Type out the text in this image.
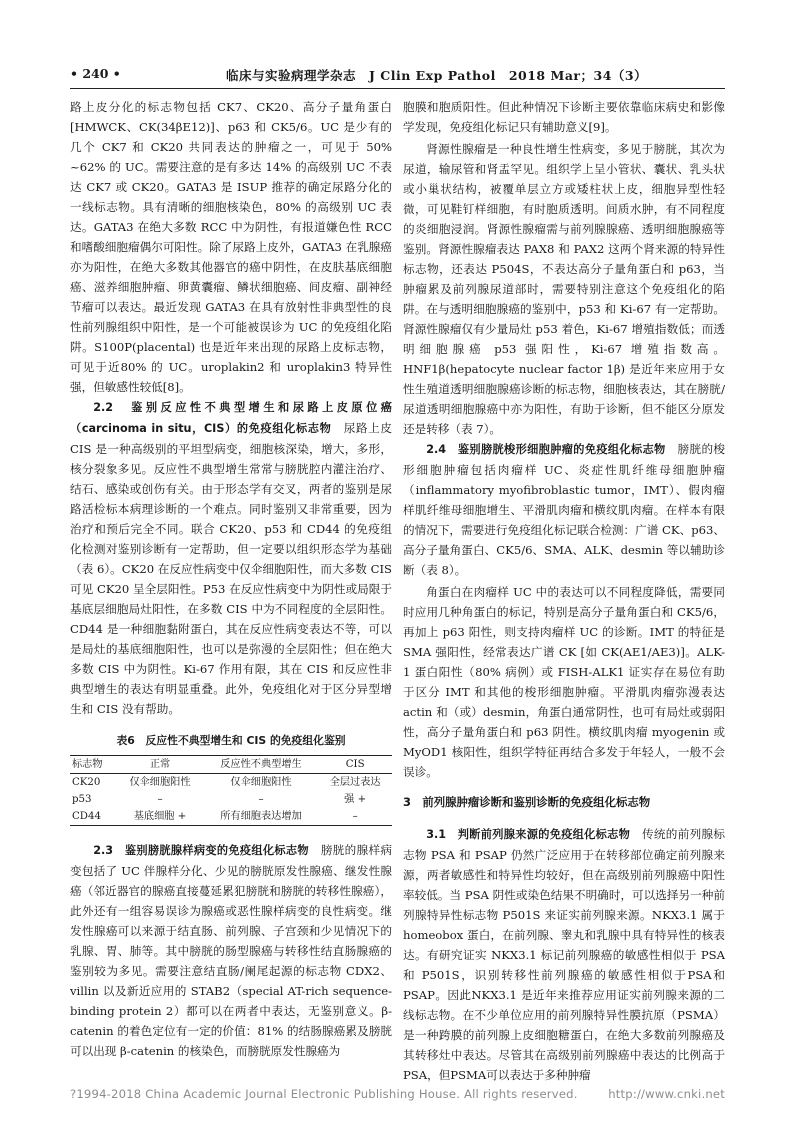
• 240 •	临床与实验病理学杂志　J Clin Exp Pathol　2018 Mar；34（3）

路上皮分化的标志物包括 CK7、CK20、高分子量角蛋白 [HMWCK、CK(34βE12)]、p63 和 CK5/6。UC 是少有的几个 CK7 和 CK20 共同表达的肿瘤之一，可见于 50% ~62% 的 UC。需要注意的是有多达 14% 的高级别 UC 不表达 CK7 或 CK20。GATA3 是 ISUP 推荐的确定尿路分化的一线标志物。具有清晰的细胞核染色，80% 的高级别 UC 表达。GATA3 在绝大多数 RCC 中为阴性，有报道嫌色性 RCC 和嗜酸细胞瘤偶尔可阳性。除了尿路上皮外，GATA3 在乳腺癌亦为阳性，在绝大多数其他器官的癌中阴性，在皮肤基底细胞癌、滋养细胞肿瘤、卵黄囊瘤、鳞状细胞癌、间皮瘤、副神经节瘤可以表达。最近发现 GATA3 在具有放射性非典型性的良性前列腺组织中阳性，是一个可能被误诊为 UC 的免疫组化陷阱。S100P(placental) 也是近年来出现的尿路上皮标志物，可见于近80% 的 UC。uroplakin2 和 uroplakin3 特异性强，但敏感性较低[8]。

2.2　鉴别反应性不典型增生和尿路上皮原位癌（carcinoma in situ，CIS）的免疫组化标志物　尿路上皮 CIS 是一种高级别的平坦型病变，细胞核深染，增大，多形，核分裂象多见。反应性不典型增生常常与膀胱腔内灌注治疗、结石、感染或创伤有关。由于形态学有交叉，两者的鉴别是尿路活检标本病理诊断的一个难点。同时鉴别又非常重要，因为治疗和预后完全不同。联合 CK20、p53 和 CD44 的免疫组化检测对鉴别诊断有一定帮助，但一定要以组织形态学为基础（表 6）。CK20 在反应性病变中仅伞细胞阳性，而大多数 CIS 可见 CK20 呈全层阳性。P53 在反应性病变中为阴性或局限于基底层细胞局灶阳性，在多数 CIS 中为不同程度的全层阳性。CD44 是一种细胞黏附蛋白，其在反应性病变表达不等，可以是局灶的基底细胞阳性，也可以是弥漫的全层阳性；但在绝大多数 CIS 中为阴性。Ki-67 作用有限，其在 CIS 和反应性非典型增生的表达有明显重叠。此外，免疫组化对于区分异型增生和 CIS 没有帮助。

表6　反应性不典型增生和 CIS 的免疫组化鉴别
标志物	正常	反应性不典型增生	CIS
CK20	仅伞细胞阳性	仅伞细胞阳性	全层过表达
p53	–	–	强 +
CD44	基底细胞 +	所有细胞表达增加	–

2.3　鉴别膀胱腺样病变的免疫组化标志物　膀胱的腺样病变包括了 UC 伴腺样分化、少见的膀胱原发性腺癌、继发性腺癌（邻近器官的腺癌直接蔓延累犯膀胱和膀胱的转移性腺癌），此外还有一组容易误诊为腺癌或恶性腺样病变的良性病变。继发性腺癌可以来源于结直肠、前列腺、子宫颈和少见情况下的乳腺、胃、肺等。其中膀胱的肠型腺癌与转移性结直肠腺癌的鉴别较为多见。需要注意结直肠/阑尾起源的标志物 CDX2、villin 以及新近应用的 STAB2（special AT-rich sequence-binding protein 2）都可以在两者中表达，无鉴别意义。β-catenin 的着色定位有一定的价值：81% 的结肠腺癌累及膀胱可以出现 β-catenin 的核染色，而膀胱原发性腺癌为

胞膜和胞质阳性。但此种情况下诊断主要依靠临床病史和影像学发现，免疫组化标记只有辅助意义[9]。

肾源性腺瘤是一种良性增生性病变，多见于膀胱，其次为尿道，输尿管和肾盂罕见。组织学上呈小管状、囊状、乳头状或小巢状结构，被覆单层立方或矮柱状上皮，细胞异型性轻微，可见鞋钉样细胞，有时胞质透明。间质水肿，有不同程度的炎细胞浸润。肾源性腺瘤需与前列腺腺癌、透明细胞腺癌等鉴别。肾源性腺瘤表达 PAX8 和 PAX2 这两个肾来源的特异性标志物，还表达 P504S，不表达高分子量角蛋白和 p63，当肿瘤累及前列腺尿道部时，需要特别注意这个免疫组化的陷阱。在与透明细胞腺癌的鉴别中，p53 和 Ki-67 有一定帮助。肾源性腺瘤仅有少量局灶 p53 着色，Ki-67 增殖指数低；而透明细胞腺癌 p53 强阳性，Ki-67 增殖指数高。HNF1β(hepatocyte nuclear factor 1β) 是近年来应用于女性生殖道透明细胞腺癌诊断的标志物，细胞核表达，其在膀胱/尿道透明细胞腺癌中亦为阳性，有助于诊断，但不能区分原发还是转移（表 7）。

2.4　鉴别膀胱梭形细胞肿瘤的免疫组化标志物　膀胱的梭形细胞肿瘤包括肉瘤样 UC、炎症性肌纤维母细胞肿瘤（inflammatory myofibroblastic tumor，IMT）、假肉瘤样肌纤维母细胞增生、平滑肌肉瘤和横纹肌肉瘤。在样本有限的情况下，需要进行免疫组化标记联合检测：广谱 CK、p63、高分子量角蛋白、CK5/6、SMA、ALK、desmin 等以辅助诊断（表 8）。

角蛋白在肉瘤样 UC 中的表达可以不同程度降低，需要同时应用几种角蛋白的标记，特别是高分子量角蛋白和 CK5/6，再加上 p63 阳性，则支持肉瘤样 UC 的诊断。IMT 的特征是 SMA 强阳性，经常表达广谱 CK [如 CK(AE1/AE3)]。ALK-1 蛋白阳性（80% 病例）或 FISH-ALK1 证实存在易位有助于区分 IMT 和其他的梭形细胞肿瘤。平滑肌肉瘤弥漫表达 actin 和（或）desmin，角蛋白通常阴性，也可有局灶或弱阳性，高分子量角蛋白和 p63 阴性。横纹肌肉瘤 myogenin 或 MyOD1 核阳性，组织学特征再结合多发于年轻人，一般不会误诊。

3　前列腺肿瘤诊断和鉴别诊断的免疫组化标志物

3.1　判断前列腺来源的免疫组化标志物　传统的前列腺标志物 PSA 和 PSAP 仍然广泛应用于在转移部位确定前列腺来源，两者敏感性和特异性均较好，但在高级别前列腺癌中阳性率较低。当 PSA 阴性或染色结果不明确时，可以选择另一种前列腺特异性标志物 P501S 来证实前列腺来源。NKX3.1 属于 homeobox 蛋白，在前列腺、睾丸和乳腺中具有特异性的核表达。有研究证实 NKX3.1 标记前列腺癌的敏感性相似于 PSA 和 P501S，识别转移性前列腺癌的敏感性相似于PSA和PSAP。因此NKX3.1 是近年来推荐应用证实前列腺来源的二线标志物。在不少单位应用的前列腺特异性膜抗原（PSMA）是一种跨膜的前列腺上皮细胞糖蛋白，在绝大多数前列腺癌及其转移灶中表达。尽管其在高级别前列腺癌中表达的比例高于 PSA，但PSMA可以表达于多种肿瘤

?1994-2018 China Academic Journal Electronic Publishing House. All rights reserved.	http://www.cnki.net
